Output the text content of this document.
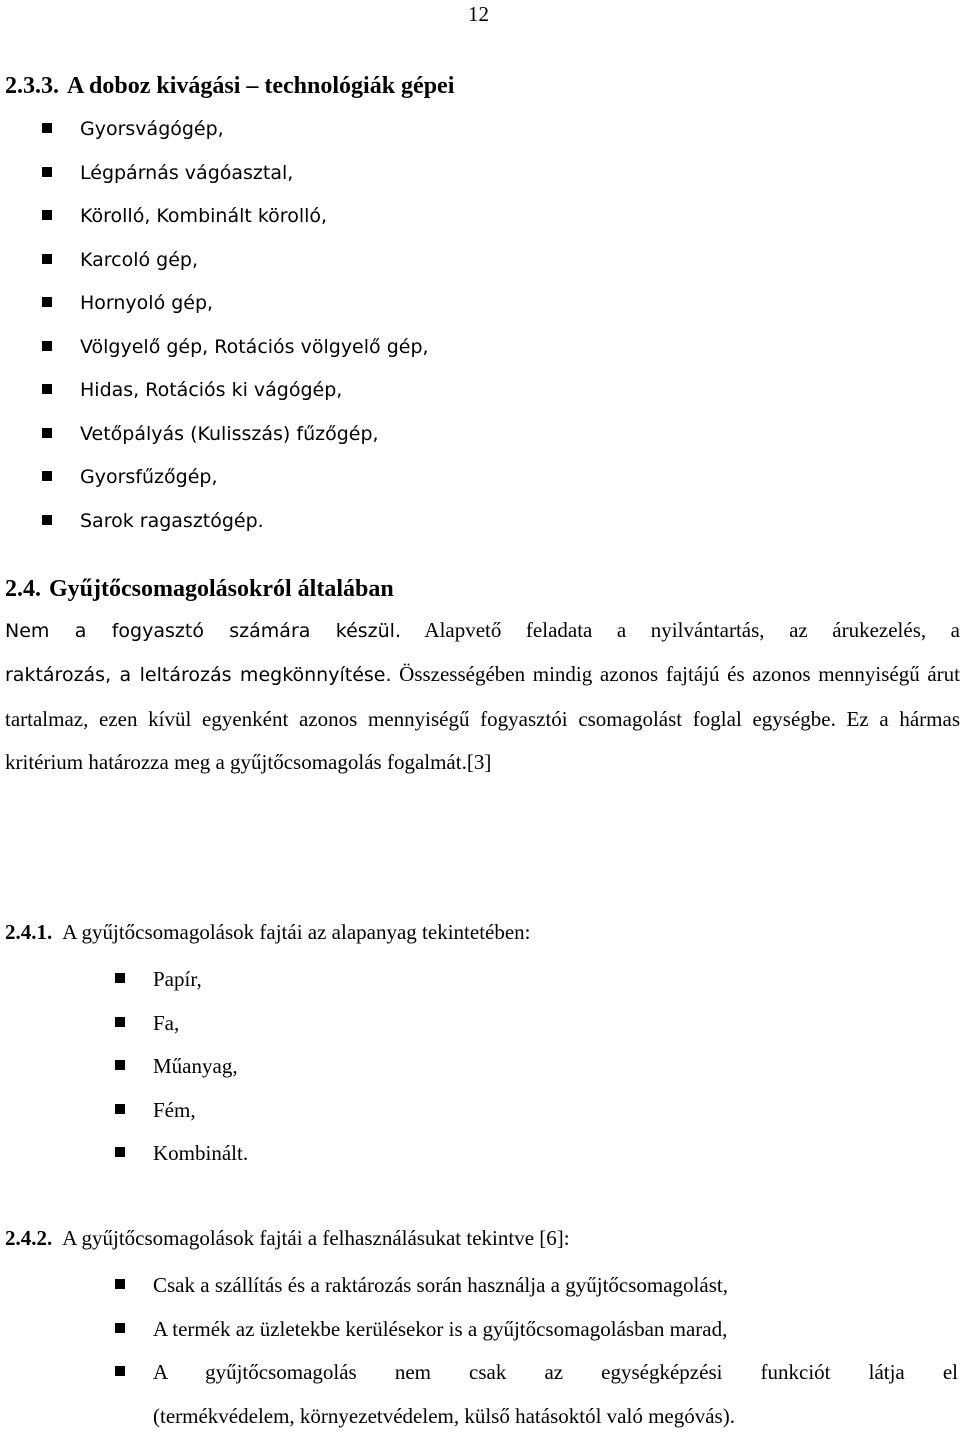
12
2.3.3. A doboz kivágási – technológiák gépei
Gyorsvágógép,
Légpárnás vágóasztal,
Körolló, Kombinált körolló,
Karcoló gép,
Hornyoló gép,
Völgyelő gép, Rotációs völgyelő gép,
Hidas, Rotációs ki vágógép,
Vetőpályás (Kulisszás) fűzőgép,
Gyorsfűzőgép,
Sarok ragasztógép.
2.4. Gyűjtőcsomagolásokról általában
Nem a fogyasztó számára készül. Alapvető feladata a nyilvántartás, az árukezelés, a
raktározás, a leltározás megkönnyítése. Összességében mindig azonos fajtájú és azonos mennyiségű árut tartalmaz, ezen kívül egyenként azonos mennyiségű fogyasztói csomagolást foglal egységbe. Ez a hármas kritérium határozza meg a gyűjtőcsomagolás fogalmát.[3]
2.4.1. A gyűjtőcsomagolások fajtái az alapanyag tekintetében:
Papír,
Fa,
Műanyag,
Fém,
Kombinált.
2.4.2. A gyűjtőcsomagolások fajtái a felhasználásukat tekintve [6]:
Csak a szállítás és a raktározás során használja a gyűjtőcsomagolást,
A termék az üzletekbe kerülésekor is a gyűjtőcsomagolásban marad,
A gyűjtőcsomagolás nem csak az egységképzési funkciót látja el
(termékvédelem, környezetvédelem, külső hatásoktól való megóvás).
